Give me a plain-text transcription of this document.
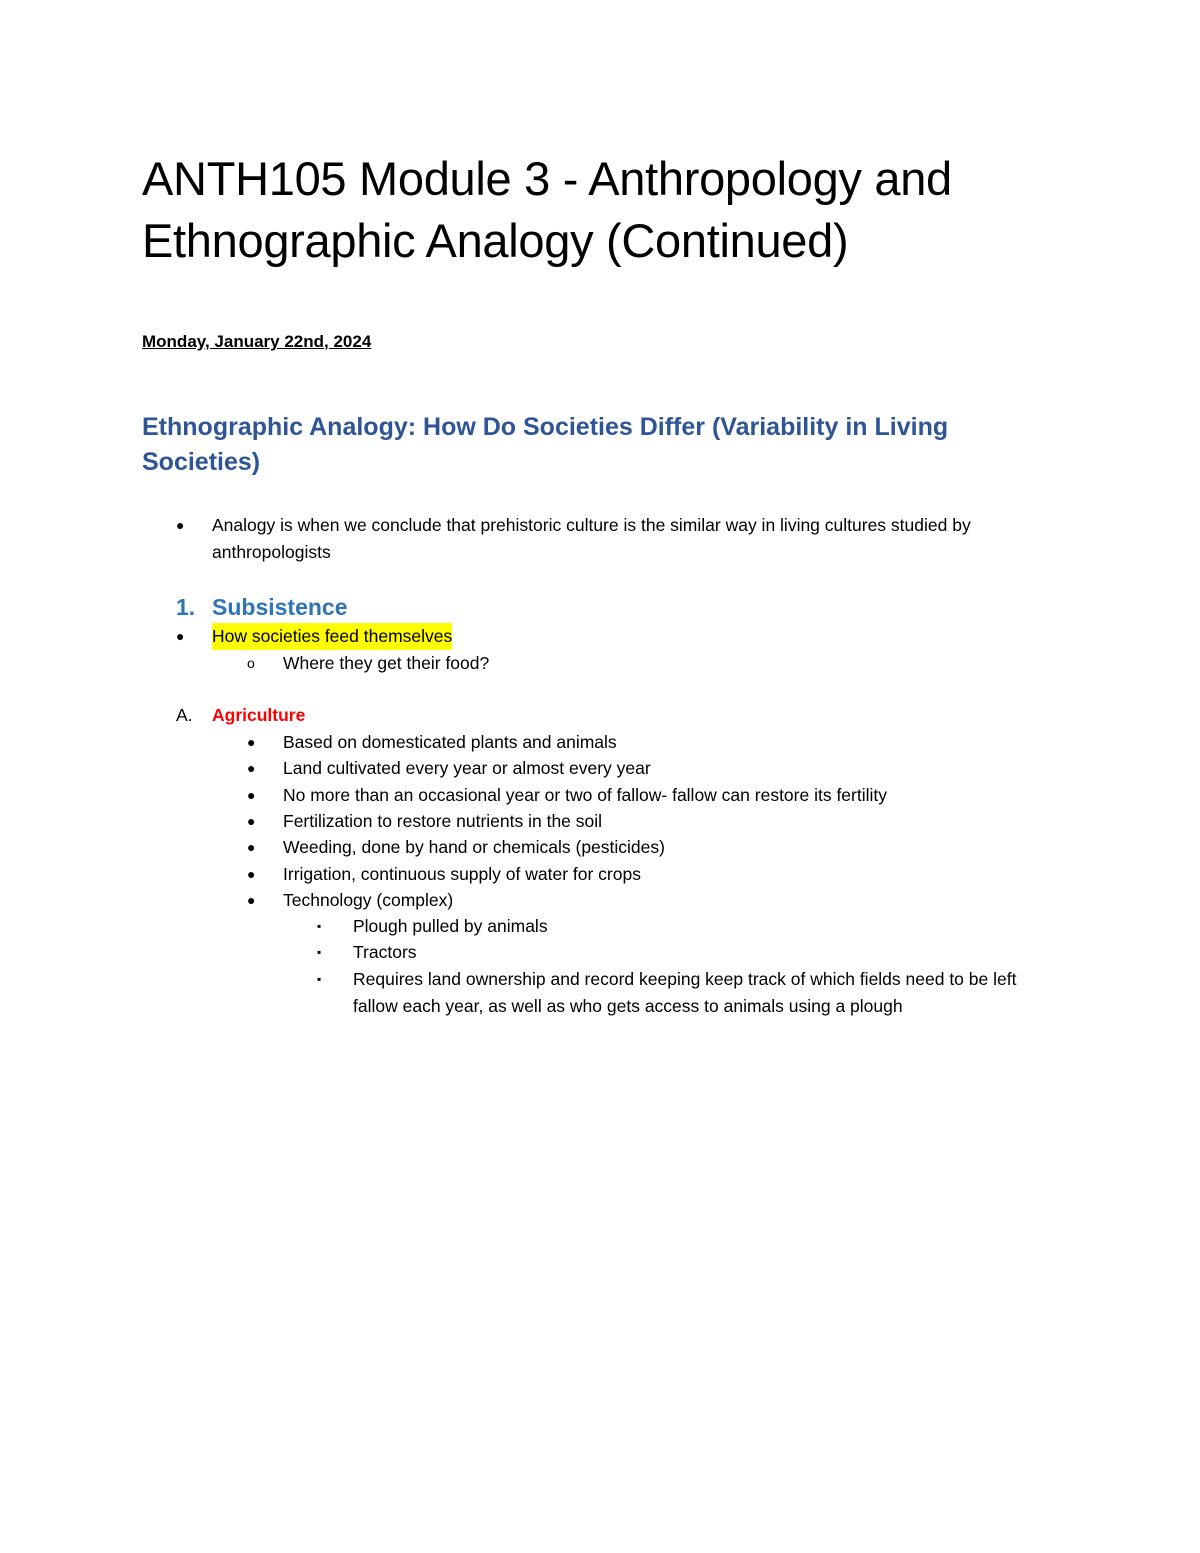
ANTH105 Module 3 - Anthropology and Ethnographic Analogy (Continued)

Monday, January 22nd, 2024

Ethnographic Analogy: How Do Societies Differ (Variability in Living Societies)
●	Analogy is when we conclude that prehistoric culture is the similar way in living cultures studied by anthropologists
1. Subsistence
●	How societies feed themselves
o	Where they get their food?
A.	Agriculture
●	Based on domesticated plants and animals
●	Land cultivated every year or almost every year
●	No more than an occasional year or two of fallow- fallow can restore its fertility
●	Fertilization to restore nutrients in the soil
●	Weeding, done by hand or chemicals (pesticides)
●	Irrigation, continuous supply of water for crops
●	Technology (complex)
▪	Plough pulled by animals
▪	Tractors
▪	Requires land ownership and record keeping keep track of which fields need to be left fallow each year, as well as who gets access to animals using a plough
